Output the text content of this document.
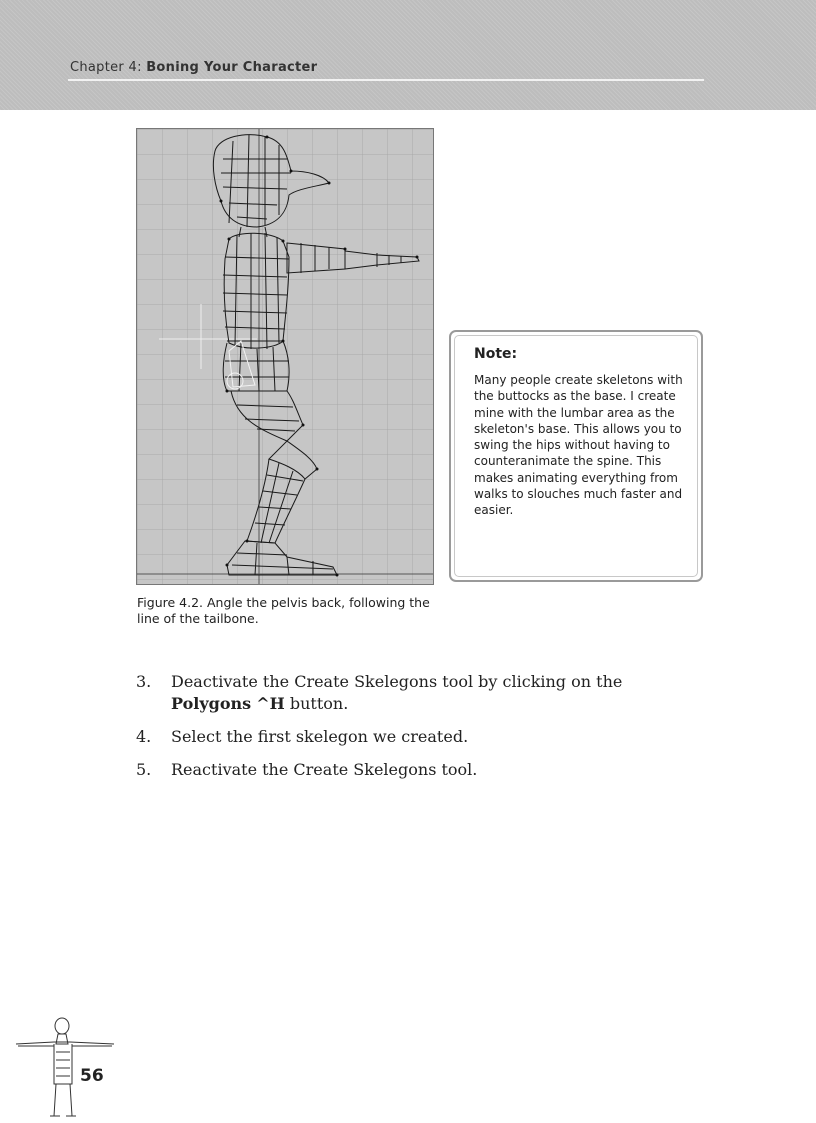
Chapter 4: Boning Your Character
Figure 4.2. Angle the pelvis back, following the line of the tailbone.
Note:
Many people create skeletons with the buttocks as the base. I create mine with the lumbar area as the skeleton's base. This allows you to swing the hips without having to counteranimate the spine. This makes animating everything from walks to slouches much faster and easier.
3. Deactivate the Create Skelegons tool by clicking on the Polygons ^H button.
4. Select the first skelegon we created.
5. Reactivate the Create Skelegons tool.
56
